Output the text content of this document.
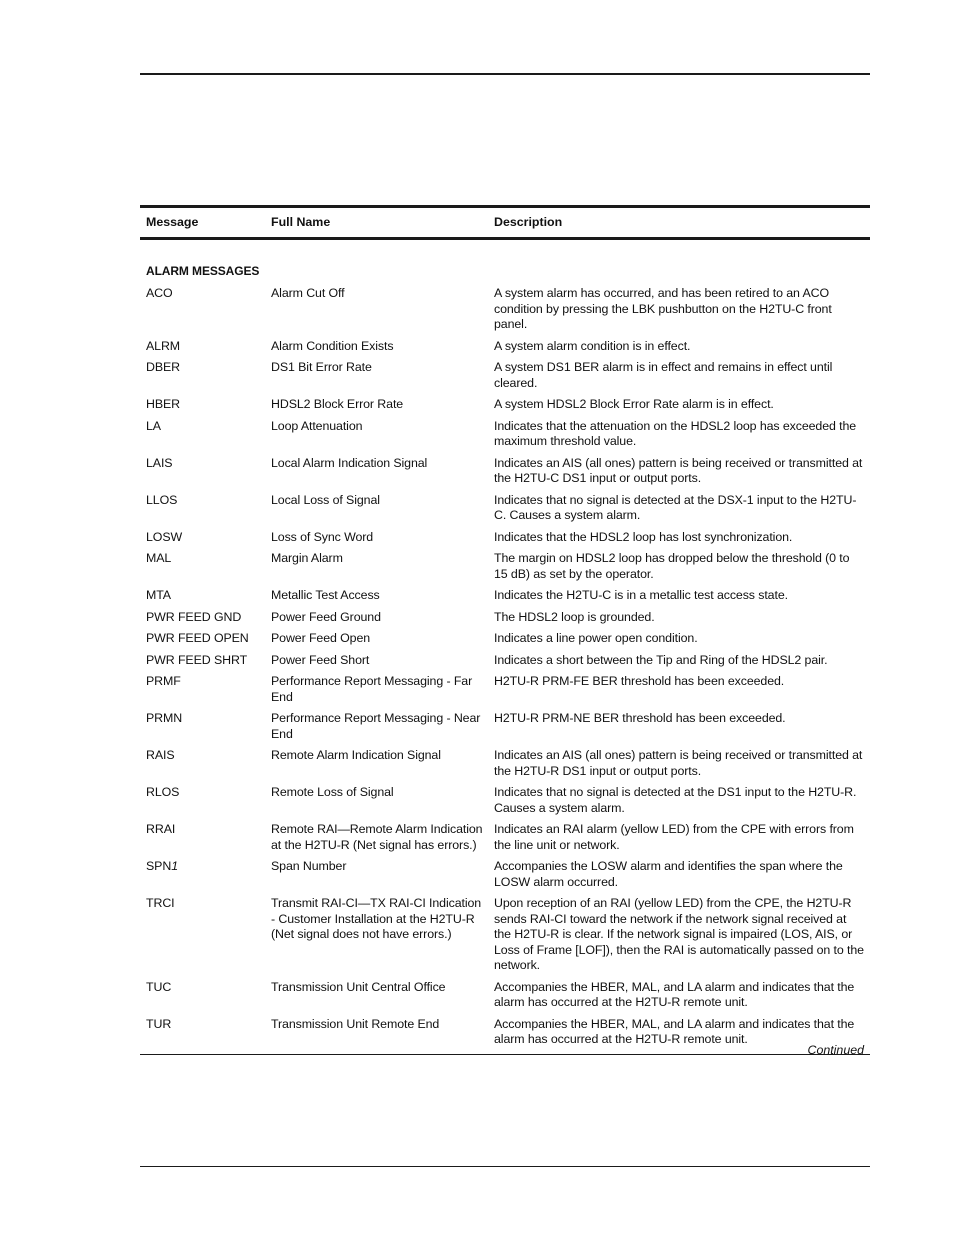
Message	Full Name	Description
ALARM MESSAGES		
ACO	Alarm Cut Off	A system alarm has occurred, and has been retired to an ACO condition by pressing the LBK pushbutton on the H2TU-C front panel.
ALRM	Alarm Condition Exists	A system alarm condition is in effect.
DBER	DS1 Bit Error Rate	A system DS1 BER alarm is in effect and remains in effect until cleared.
HBER	HDSL2 Block Error Rate	A system HDSL2 Block Error Rate alarm is in effect.
LA	Loop Attenuation	Indicates that the attenuation on the HDSL2 loop has exceeded the maximum threshold value.
LAIS	Local Alarm Indication Signal	Indicates an AIS (all ones) pattern is being received or transmitted at the H2TU-C DS1 input or output ports.
LLOS	Local Loss of Signal	Indicates that no signal is detected at the DSX-1 input to the H2TU-C. Causes a system alarm.
LOSW	Loss of Sync Word	Indicates that the HDSL2 loop has lost synchronization.
MAL	Margin Alarm	The margin on HDSL2 loop has dropped below the threshold (0 to 15 dB) as set by the operator.
MTA	Metallic Test Access	Indicates the H2TU-C is in a metallic test access state.
PWR FEED GND	Power Feed Ground	The HDSL2 loop is grounded.
PWR FEED OPEN	Power Feed Open	Indicates a line power open condition.
PWR FEED SHRT	Power Feed Short	Indicates a short between the Tip and Ring of the HDSL2 pair.
PRMF	Performance Report Messaging - Far End	H2TU-R PRM-FE BER threshold has been exceeded.
PRMN	Performance Report Messaging - Near End	H2TU-R PRM-NE BER threshold has been exceeded.
RAIS	Remote Alarm Indication Signal	Indicates an AIS (all ones) pattern is being received or transmitted at the H2TU-R DS1 input or output ports.
RLOS	Remote Loss of Signal	Indicates that no signal is detected at the DS1 input to the H2TU-R. Causes a system alarm.
RRAI	Remote RAI—Remote Alarm Indication at the H2TU-R (Net signal has errors.)	Indicates an RAI alarm (yellow LED) from the CPE with errors from the line unit or network.
SPN1	Span Number	Accompanies the LOSW alarm and identifies the span where the LOSW alarm occurred.
TRCI	Transmit RAI-CI—TX RAI-CI Indication - Customer Installation at the H2TU-R (Net signal does not have errors.)	Upon reception of an RAI (yellow LED) from the CPE, the H2TU-R sends RAI-CI toward the network if the network signal received at the H2TU-R is clear. If the network signal is impaired (LOS, AIS, or Loss of Frame [LOF]), then the RAI is automatically passed on to the network.
TUC	Transmission Unit Central Office	Accompanies the HBER, MAL, and LA alarm and indicates that the alarm has occurred at the H2TU-R remote unit.
TUR	Transmission Unit Remote End	Accompanies the HBER, MAL, and LA alarm and indicates that the alarm has occurred at the H2TU-R remote unit.
Continued
